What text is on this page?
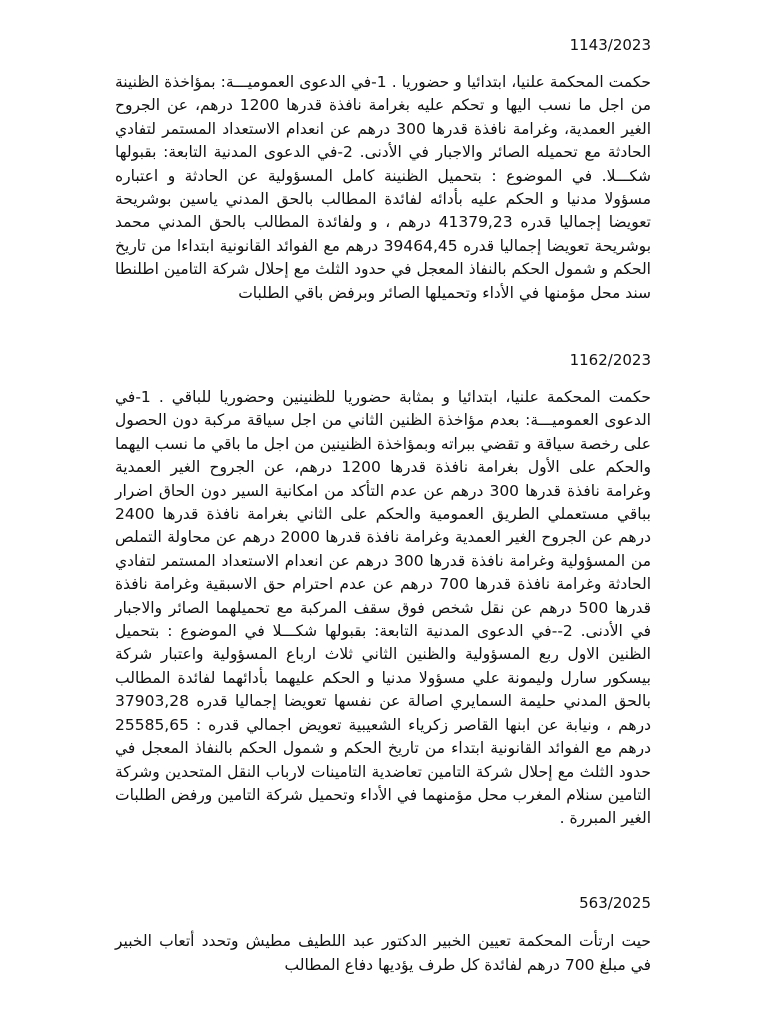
1143/2023

حكمت المحكمة علنيا، ابتدائيا و حضوريا . 1-في الدعوى العموميـــة: بمؤاخذة الظنينة من اجل ما نسب اليها و تحكم عليه بغرامة نافذة قدرها 1200 درهم، عن الجروح الغير العمدية، وغرامة نافذة قدرها 300 درهم عن انعدام الاستعداد المستمر لتفادي الحادثة مع تحميله الصائر والاجبار في الأدنى. 2-في الدعوى المدنية التابعة: بقبولها شكـــلا. في الموضوع : بتحميل الظنينة كامل المسؤولية عن الحادثة و اعتباره مسؤولا مدنيا و الحكم عليه بأدائه لفائدة المطالب بالحق المدني ياسين بوشريحة تعويضا إجماليا قدره 41379,23 درهم ، و ولفائدة المطالب بالحق المدني محمد بوشريحة تعويضا إجماليا قدره 39464,45 درهم مع الفوائد القانونية ابتداءا من تاريخ الحكم و شمول الحكم بالنفاذ المعجل في حدود الثلث مع إحلال شركة التامين اطلنطا سند محل مؤمنها في الأداء وتحميلها الصائر وبرفض باقي الطلبات

1162/2023

حكمت المحكمة علنيا، ابتدائيا و بمثابة حضوريا للظنينين وحضوريا للباقي . 1-في الدعوى العموميـــة: بعدم مؤاخذة الظنين الثاني من اجل سياقة مركبة دون الحصول على رخصة سياقة و تقضي ببراته وبمؤاخذة الظنينين من اجل ما باقي ما نسب اليهما والحكم على الأول بغرامة نافذة قدرها 1200 درهم، عن الجروح الغير العمدية وغرامة نافذة قدرها 300 درهم عن عدم التأكد من امكانية السير دون الحاق اضرار بباقي مستعملي الطريق العمومية والحكم على الثاني بغرامة نافذة قدرها 2400 درهم عن الجروح الغير العمدية وغرامة نافذة قدرها 2000 درهم عن محاولة التملص من المسؤولية وغرامة نافذة قدرها 300 درهم عن انعدام الاستعداد المستمر لتفادي الحادثة وغرامة نافذة قدرها 700 درهم عن عدم احترام حق الاسبقية وغرامة نافذة قدرها 500 درهم عن نقل شخص فوق سقف المركبة مع تحميلهما الصائر والاجبار في الأدنى. 2--في الدعوى المدنية التابعة: بقبولها شكـــلا في الموضوع : بتحميل الظنين الاول ربع المسؤولية والظنين الثاني ثلاث ارباع المسؤولية واعتبار شركة بيسكور سارل وليمونة علي مسؤولا مدنيا و الحكم عليهما بأدائهما لفائدة المطالب بالحق المدني حليمة السمايري اصالة عن نفسها تعويضا إجماليا قدره 37903,28 درهم ، ونيابة عن ابنها القاصر زكرياء الشعيبية تعويض اجمالي قدره : 25585,65 درهم مع الفوائد القانونية ابتداء من تاريخ الحكم و شمول الحكم بالنفاذ المعجل في حدود الثلث مع إحلال شركة التامين تعاضدية التامينات لارباب النقل المتحدين وشركة التامين سنلام المغرب محل مؤمنهما في الأداء وتحميل شركة التامين ورفض الطلبات الغير المبررة .

563/2025

حيت ارتأت المحكمة تعيين الخبير الدكتور عبد اللطيف مطيش وتحدد أتعاب الخبير في مبلغ 700 درهم لفائدة كل طرف يؤديها دفاع المطالب
